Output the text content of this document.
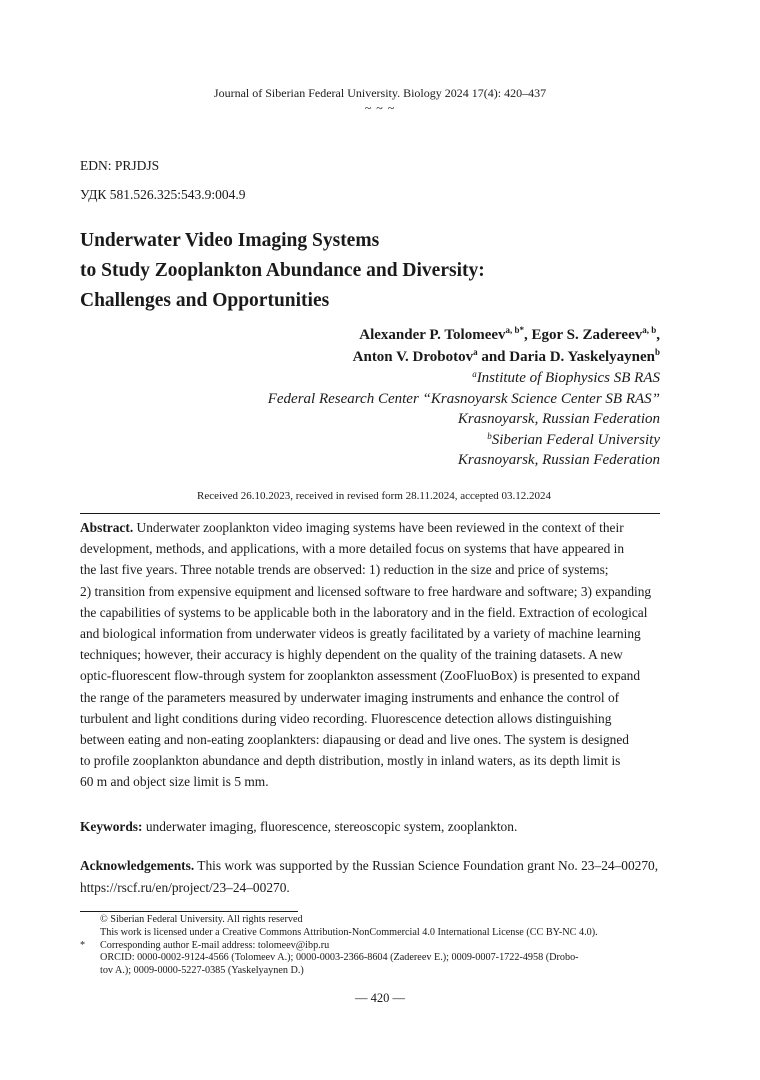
Journal of Siberian Federal University. Biology 2024 17(4): 420–437
~ ~ ~
EDN: PRJDJS
УДК 581.526.325:543.9:004.9
Underwater Video Imaging Systems
to Study Zooplankton Abundance and Diversity:
Challenges and Opportunities
Alexander P. Tolomeev$^{a, b*}$, Egor S. Zadereev$^{a, b}$,
Anton V. Drobotov$^a$ and Daria D. Yaskelyaynen$^b$
$^a$Institute of Biophysics SB RAS
Federal Research Center “Krasnoyarsk Science Center SB RAS”
Krasnoyarsk, Russian Federation
$^b$Siberian Federal University
Krasnoyarsk, Russian Federation
Received 26.10.2023, received in revised form 28.11.2024, accepted 03.12.2024
Abstract. Underwater zooplankton video imaging systems have been reviewed in the context of their
development, methods, and applications, with a more detailed focus on systems that have appeared in
the last five years. Three notable trends are observed: 1) reduction in the size and price of systems;
2) transition from expensive equipment and licensed software to free hardware and software; 3) expanding
the capabilities of systems to be applicable both in the laboratory and in the field. Extraction of ecological
and biological information from underwater videos is greatly facilitated by a variety of machine learning
techniques; however, their accuracy is highly dependent on the quality of the training datasets. A new
optic-fluorescent flow-through system for zooplankton assessment (ZooFluoBox) is presented to expand
the range of the parameters measured by underwater imaging instruments and enhance the control of
turbulent and light conditions during video recording. Fluorescence detection allows distinguishing
between eating and non-eating zooplankters: diapausing or dead and live ones. The system is designed
to profile zooplankton abundance and depth distribution, mostly in inland waters, as its depth limit is
60 m and object size limit is 5 mm.
Keywords: underwater imaging, fluorescence, stereoscopic system, zooplankton.
Acknowledgements. This work was supported by the Russian Science Foundation grant No. 23–24–00270,
https://rscf.ru/en/project/23–24–00270.
© Siberian Federal University. All rights reserved
This work is licensed under a Creative Commons Attribution-NonCommercial 4.0 International License (CC BY-NC 4.0).
* Corresponding author E-mail address: tolomeev@ibp.ru
ORCID: 0000-0002-9124-4566 (Tolomeev A.); 0000-0003-2366-8604 (Zadereev E.); 0009-0007-1722-4958 (Drobo-
tov A.); 0009-0000-5227-0385 (Yaskelyaynen D.)
— 420 —
